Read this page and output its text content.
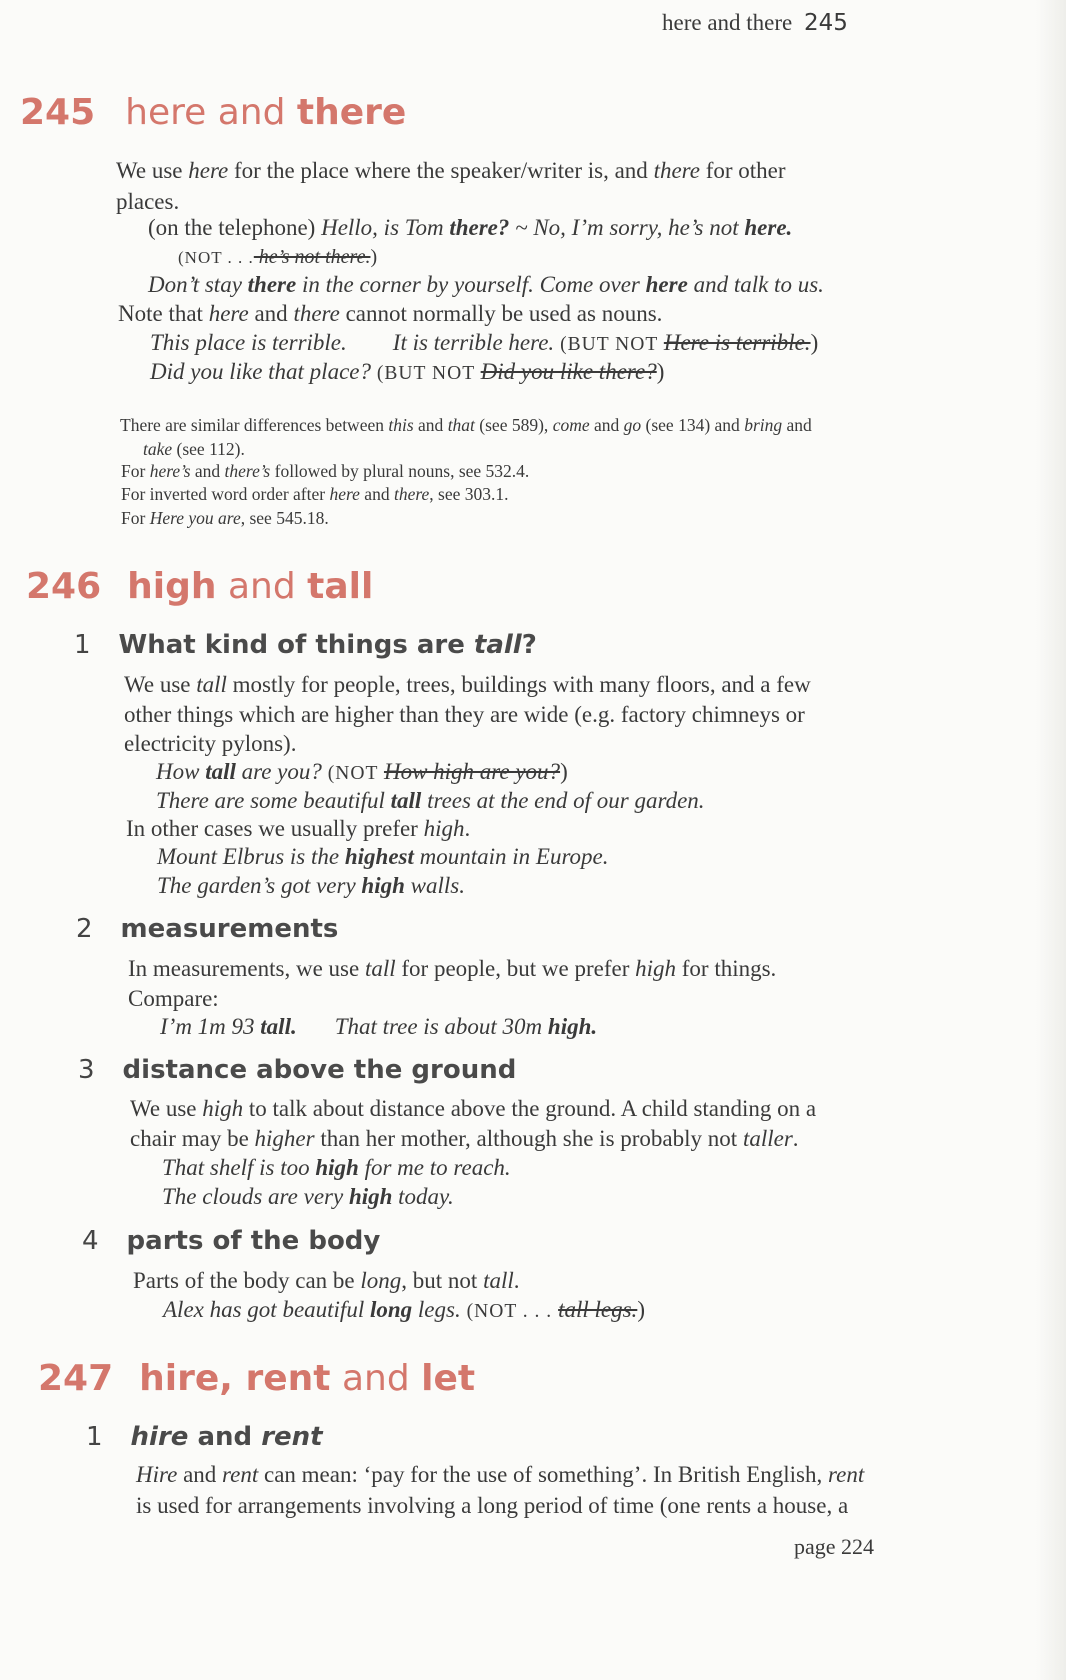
here and there 245
245 here and there
We use here for the place where the speaker/writer is, and there for other
places.
(on the telephone) Hello, is Tom there? ~ No, I’m sorry, he’s not here.
(NOT . . . he’s not there.)
Don’t stay there in the corner by yourself. Come over here and talk to us.
Note that here and there cannot normally be used as nouns.
This place is terrible. It is terrible here. (BUT NOT Here is terrible.)
Did you like that place? (BUT NOT Did you like there?)
There are similar differences between this and that (see 589), come and go (see 134) and bring and
take (see 112).
For here’s and there’s followed by plural nouns, see 532.4.
For inverted word order after here and there, see 303.1.
For Here you are, see 545.18.
246 high and tall
1 What kind of things are tall?
We use tall mostly for people, trees, buildings with many floors, and a few
other things which are higher than they are wide (e.g. factory chimneys or
electricity pylons).
How tall are you? (NOT How high are you?)
There are some beautiful tall trees at the end of our garden.
In other cases we usually prefer high.
Mount Elbrus is the highest mountain in Europe.
The garden’s got very high walls.
2 measurements
In measurements, we use tall for people, but we prefer high for things.
Compare:
I’m 1m 93 tall. That tree is about 30m high.
3 distance above the ground
We use high to talk about distance above the ground. A child standing on a
chair may be higher than her mother, although she is probably not taller.
That shelf is too high for me to reach.
The clouds are very high today.
4 parts of the body
Parts of the body can be long, but not tall.
Alex has got beautiful long legs. (NOT . . . tall legs.)
247 hire, rent and let
1 hire and rent
Hire and rent can mean: ‘pay for the use of something’. In British English, rent
is used for arrangements involving a long period of time (one rents a house, a
page 224
